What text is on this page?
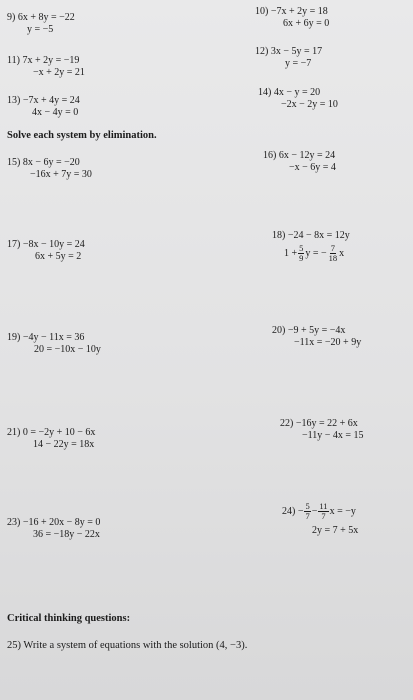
9) 6x + 8y = −22
y = −5
10) −7x + 2y = 18
6x + 6y = 0
11) 7x + 2y = −19
−x + 2y = 21
12) 3x − 5y = 17
y = −7
13) −7x + 4y = 24
4x − 4y = 0
14) 4x − y = 20
−2x − 2y = 10
Solve each system by elimination.
15) 8x − 6y = −20
−16x + 7y = 30
16) 6x − 12y = 24
−x − 6y = 4
17) −8x − 10y = 24
6x + 5y = 2
18) −24 − 8x = 12y
$1 + \frac{5}{9}$ y = − $\frac{7}{18}$ x
19) −4y − 11x = 36
20 = −10x − 10y
20) −9 + 5y = −4x
−11x = −20 + 9y
21) 0 = −2y + 10 − 6x
14 − 22y = 18x
22) −16y = 22 + 6x
−11y − 4x = 15
23) −16 + 20x − 8y = 0
36 = −18y − 22x
$24) - \frac{5}{7} - \frac{11}{7}$ x = −y
2y = 7 + 5x
Critical thinking questions:
25) Write a system of equations with the solution (4, −3).
